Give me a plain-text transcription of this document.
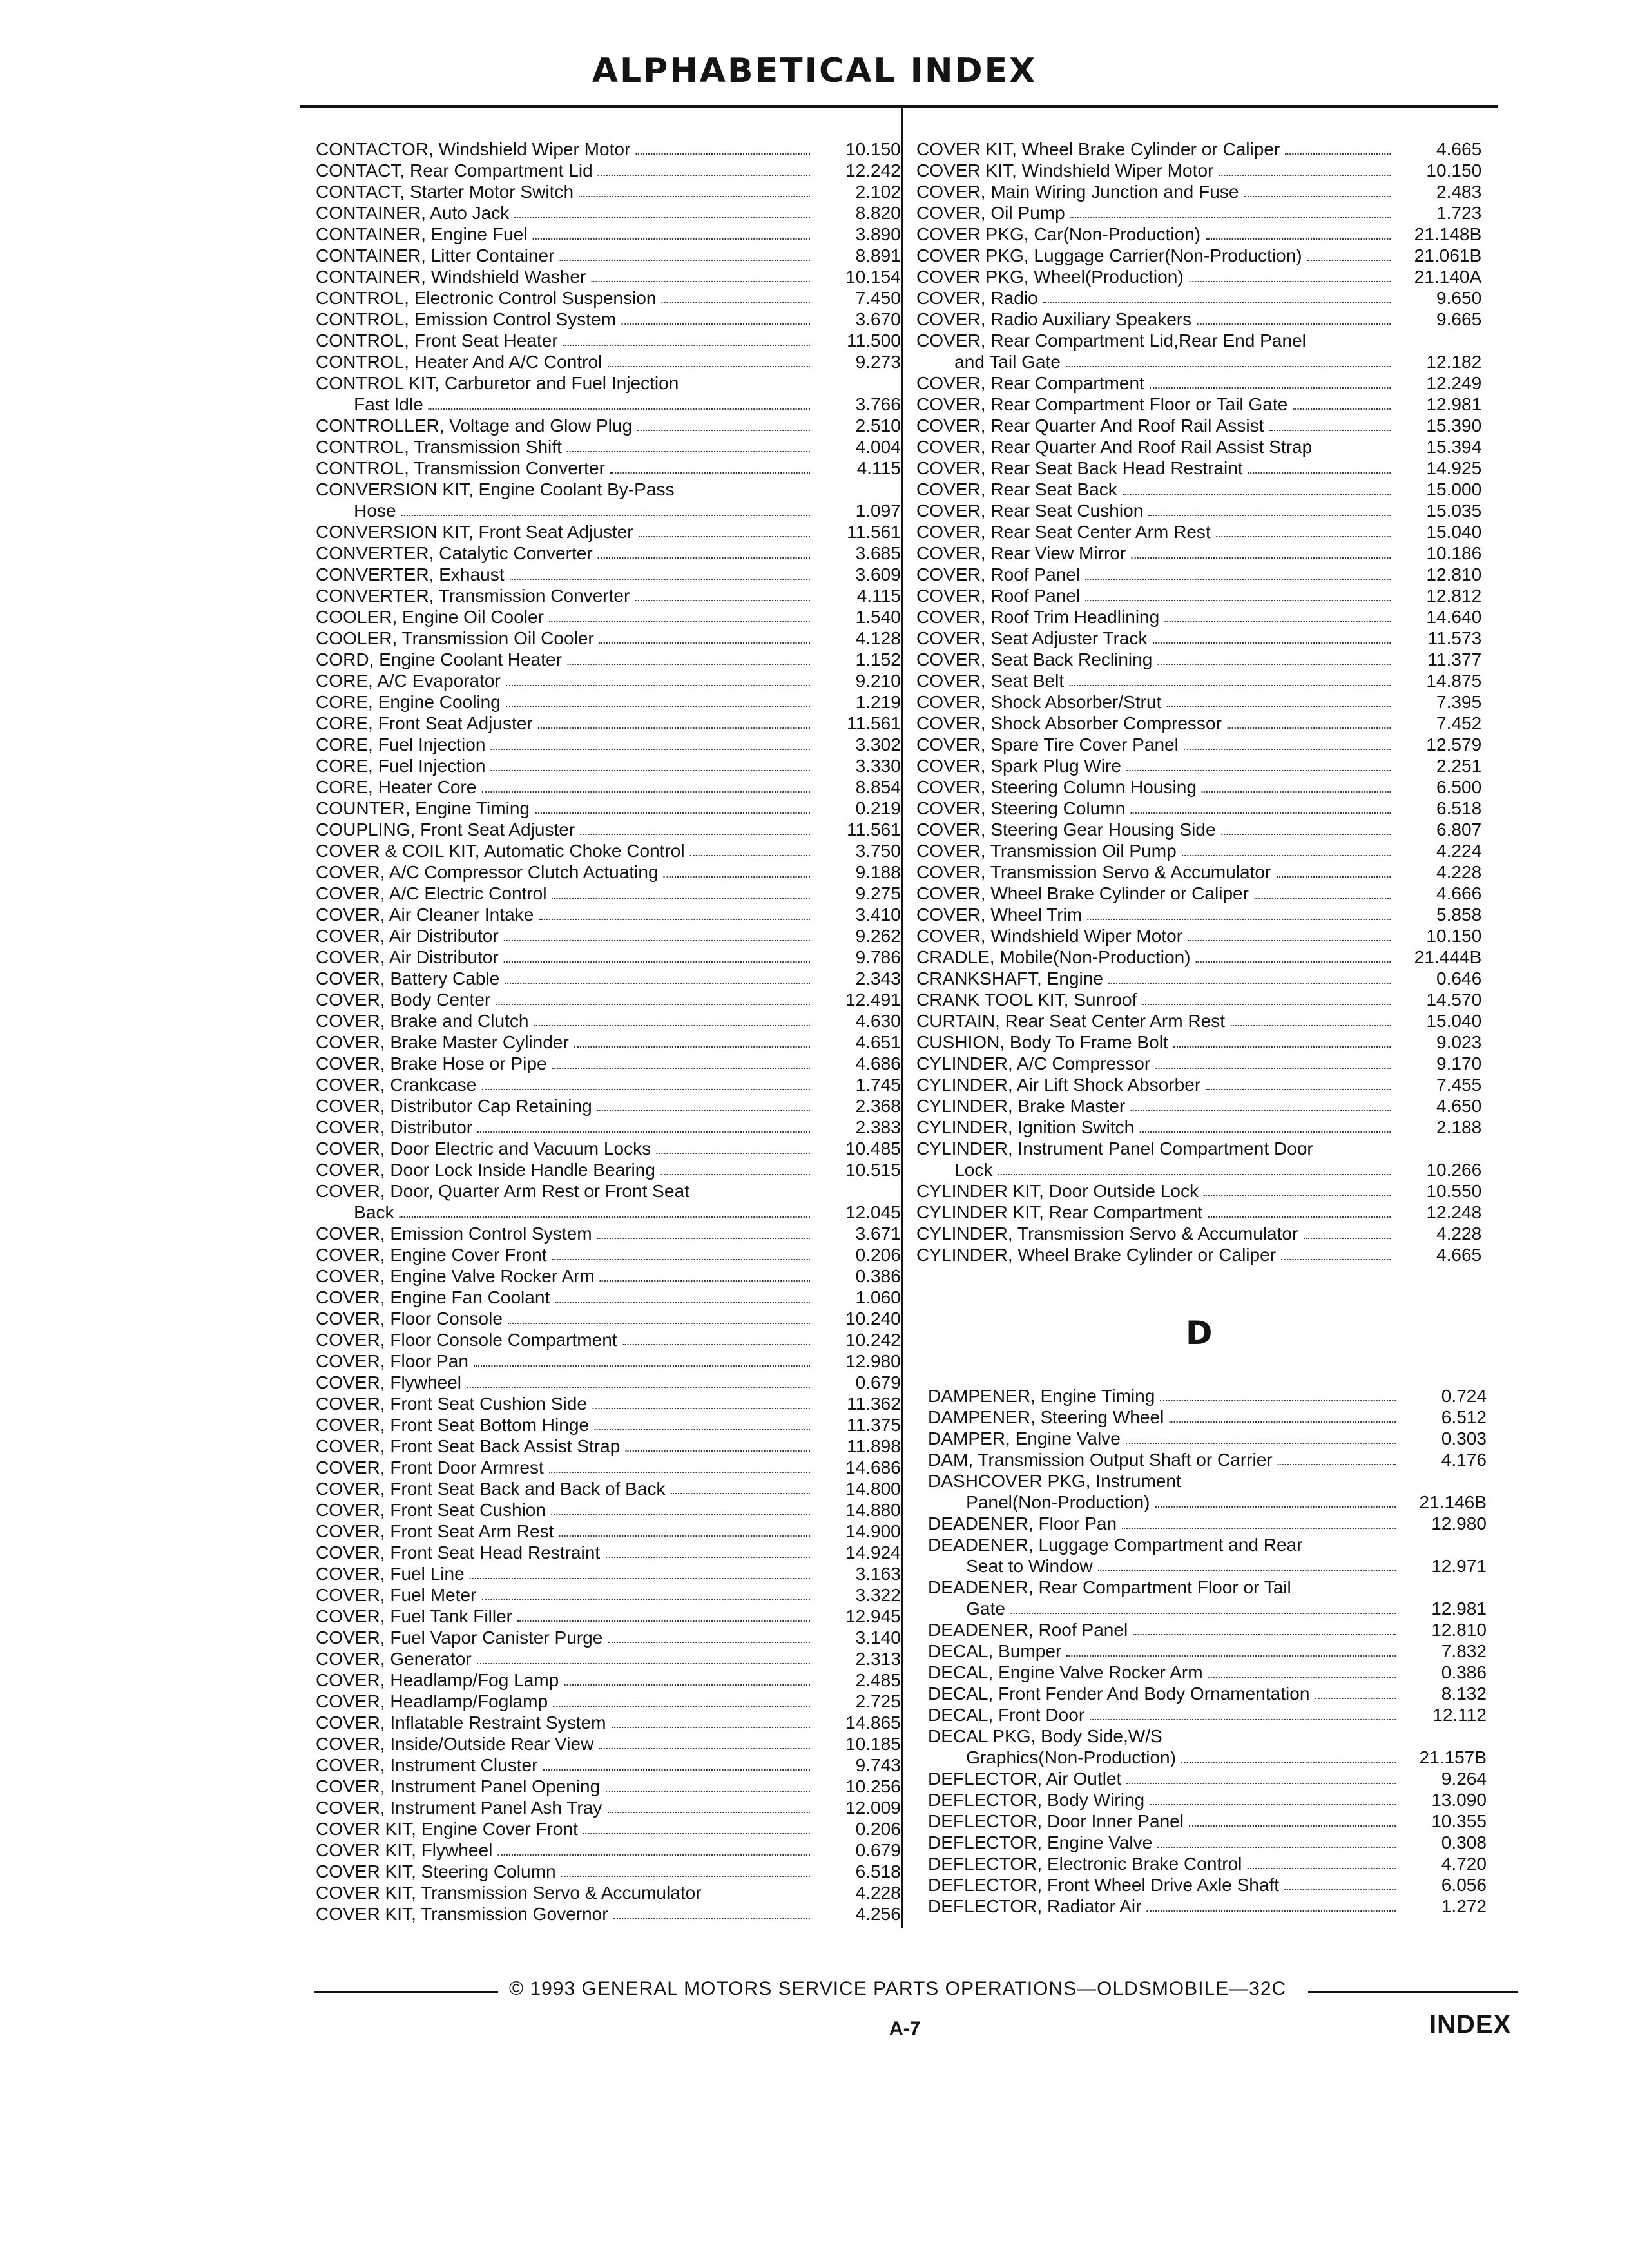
ALPHABETICAL INDEX
CONTACTOR, Windshield Wiper Motor	10.150
CONTACT, Rear Compartment Lid	12.242
CONTACT, Starter Motor Switch	2.102
CONTAINER, Auto Jack	8.820
CONTAINER, Engine Fuel	3.890
CONTAINER, Litter Container	8.891
CONTAINER, Windshield Washer	10.154
CONTROL, Electronic Control Suspension	7.450
CONTROL, Emission Control System	3.670
CONTROL, Front Seat Heater	11.500
CONTROL, Heater And A/C Control	9.273
CONTROL KIT, Carburetor and Fuel Injection
Fast Idle	3.766
CONTROLLER, Voltage and Glow Plug	2.510
CONTROL, Transmission Shift	4.004
CONTROL, Transmission Converter	4.115
CONVERSION KIT, Engine Coolant By-Pass
Hose	1.097
CONVERSION KIT, Front Seat Adjuster	11.561
CONVERTER, Catalytic Converter	3.685
CONVERTER, Exhaust	3.609
CONVERTER, Transmission Converter	4.115
COOLER, Engine Oil Cooler	1.540
COOLER, Transmission Oil Cooler	4.128
CORD, Engine Coolant Heater	1.152
CORE, A/C Evaporator	9.210
CORE, Engine Cooling	1.219
CORE, Front Seat Adjuster	11.561
CORE, Fuel Injection	3.302
CORE, Fuel Injection	3.330
CORE, Heater Core	8.854
COUNTER, Engine Timing	0.219
COUPLING, Front Seat Adjuster	11.561
COVER & COIL KIT, Automatic Choke Control	3.750
COVER, A/C Compressor Clutch Actuating	9.188
COVER, A/C Electric Control	9.275
COVER, Air Cleaner Intake	3.410
COVER, Air Distributor	9.262
COVER, Air Distributor	9.786
COVER, Battery Cable	2.343
COVER, Body Center	12.491
COVER, Brake and Clutch	4.630
COVER, Brake Master Cylinder	4.651
COVER, Brake Hose or Pipe	4.686
COVER, Crankcase	1.745
COVER, Distributor Cap Retaining	2.368
COVER, Distributor	2.383
COVER, Door Electric and Vacuum Locks	10.485
COVER, Door Lock Inside Handle Bearing	10.515
COVER, Door, Quarter Arm Rest or Front Seat
Back	12.045
COVER, Emission Control System	3.671
COVER, Engine Cover Front	0.206
COVER, Engine Valve Rocker Arm	0.386
COVER, Engine Fan Coolant	1.060
COVER, Floor Console	10.240
COVER, Floor Console Compartment	10.242
COVER, Floor Pan	12.980
COVER, Flywheel	0.679
COVER, Front Seat Cushion Side	11.362
COVER, Front Seat Bottom Hinge	11.375
COVER, Front Seat Back Assist Strap	11.898
COVER, Front Door Armrest	14.686
COVER, Front Seat Back and Back of Back	14.800
COVER, Front Seat Cushion	14.880
COVER, Front Seat Arm Rest	14.900
COVER, Front Seat Head Restraint	14.924
COVER, Fuel Line	3.163
COVER, Fuel Meter	3.322
COVER, Fuel Tank Filler	12.945
COVER, Fuel Vapor Canister Purge	3.140
COVER, Generator	2.313
COVER, Headlamp/Fog Lamp	2.485
COVER, Headlamp/Foglamp	2.725
COVER, Inflatable Restraint System	14.865
COVER, Inside/Outside Rear View	10.185
COVER, Instrument Cluster	9.743
COVER, Instrument Panel Opening	10.256
COVER, Instrument Panel Ash Tray	12.009
COVER KIT, Engine Cover Front	0.206
COVER KIT, Flywheel	0.679
COVER KIT, Steering Column	6.518
COVER KIT, Transmission Servo & Accumulator	4.228
COVER KIT, Transmission Governor	4.256
COVER KIT, Wheel Brake Cylinder or Caliper	4.665
COVER KIT, Windshield Wiper Motor	10.150
COVER, Main Wiring Junction and Fuse	2.483
COVER, Oil Pump	1.723
COVER PKG, Car(Non-Production)	21.148B
COVER PKG, Luggage Carrier(Non-Production)	21.061B
COVER PKG, Wheel(Production)	21.140A
COVER, Radio	9.650
COVER, Radio Auxiliary Speakers	9.665
COVER, Rear Compartment Lid,Rear End Panel
and Tail Gate	12.182
COVER, Rear Compartment	12.249
COVER, Rear Compartment Floor or Tail Gate	12.981
COVER, Rear Quarter And Roof Rail Assist	15.390
COVER, Rear Quarter And Roof Rail Assist Strap	15.394
COVER, Rear Seat Back Head Restraint	14.925
COVER, Rear Seat Back	15.000
COVER, Rear Seat Cushion	15.035
COVER, Rear Seat Center Arm Rest	15.040
COVER, Rear View Mirror	10.186
COVER, Roof Panel	12.810
COVER, Roof Panel	12.812
COVER, Roof Trim Headlining	14.640
COVER, Seat Adjuster Track	11.573
COVER, Seat Back Reclining	11.377
COVER, Seat Belt	14.875
COVER, Shock Absorber/Strut	7.395
COVER, Shock Absorber Compressor	7.452
COVER, Spare Tire Cover Panel	12.579
COVER, Spark Plug Wire	2.251
COVER, Steering Column Housing	6.500
COVER, Steering Column	6.518
COVER, Steering Gear Housing Side	6.807
COVER, Transmission Oil Pump	4.224
COVER, Transmission Servo & Accumulator	4.228
COVER, Wheel Brake Cylinder or Caliper	4.666
COVER, Wheel Trim	5.858
COVER, Windshield Wiper Motor	10.150
CRADLE, Mobile(Non-Production)	21.444B
CRANKSHAFT, Engine	0.646
CRANK TOOL KIT, Sunroof	14.570
CURTAIN, Rear Seat Center Arm Rest	15.040
CUSHION, Body To Frame Bolt	9.023
CYLINDER, A/C Compressor	9.170
CYLINDER, Air Lift Shock Absorber	7.455
CYLINDER, Brake Master	4.650
CYLINDER, Ignition Switch	2.188
CYLINDER, Instrument Panel Compartment Door
Lock	10.266
CYLINDER KIT, Door Outside Lock	10.550
CYLINDER KIT, Rear Compartment	12.248
CYLINDER, Transmission Servo & Accumulator	4.228
CYLINDER, Wheel Brake Cylinder or Caliper	4.665
D
DAMPENER, Engine Timing	0.724
DAMPENER, Steering Wheel	6.512
DAMPER, Engine Valve	0.303
DAM, Transmission Output Shaft or Carrier	4.176
DASHCOVER PKG, Instrument
Panel(Non-Production)	21.146B
DEADENER, Floor Pan	12.980
DEADENER, Luggage Compartment and Rear
Seat to Window	12.971
DEADENER, Rear Compartment Floor or Tail
Gate	12.981
DEADENER, Roof Panel	12.810
DECAL, Bumper	7.832
DECAL, Engine Valve Rocker Arm	0.386
DECAL, Front Fender And Body Ornamentation	8.132
DECAL, Front Door	12.112
DECAL PKG, Body Side,W/S
Graphics(Non-Production)	21.157B
DEFLECTOR, Air Outlet	9.264
DEFLECTOR, Body Wiring	13.090
DEFLECTOR, Door Inner Panel	10.355
DEFLECTOR, Engine Valve	0.308
DEFLECTOR, Electronic Brake Control	4.720
DEFLECTOR, Front Wheel Drive Axle Shaft	6.056
DEFLECTOR, Radiator Air	1.272
© 1993 GENERAL MOTORS SERVICE PARTS OPERATIONS—OLDSMOBILE—32C
A-7	INDEX
